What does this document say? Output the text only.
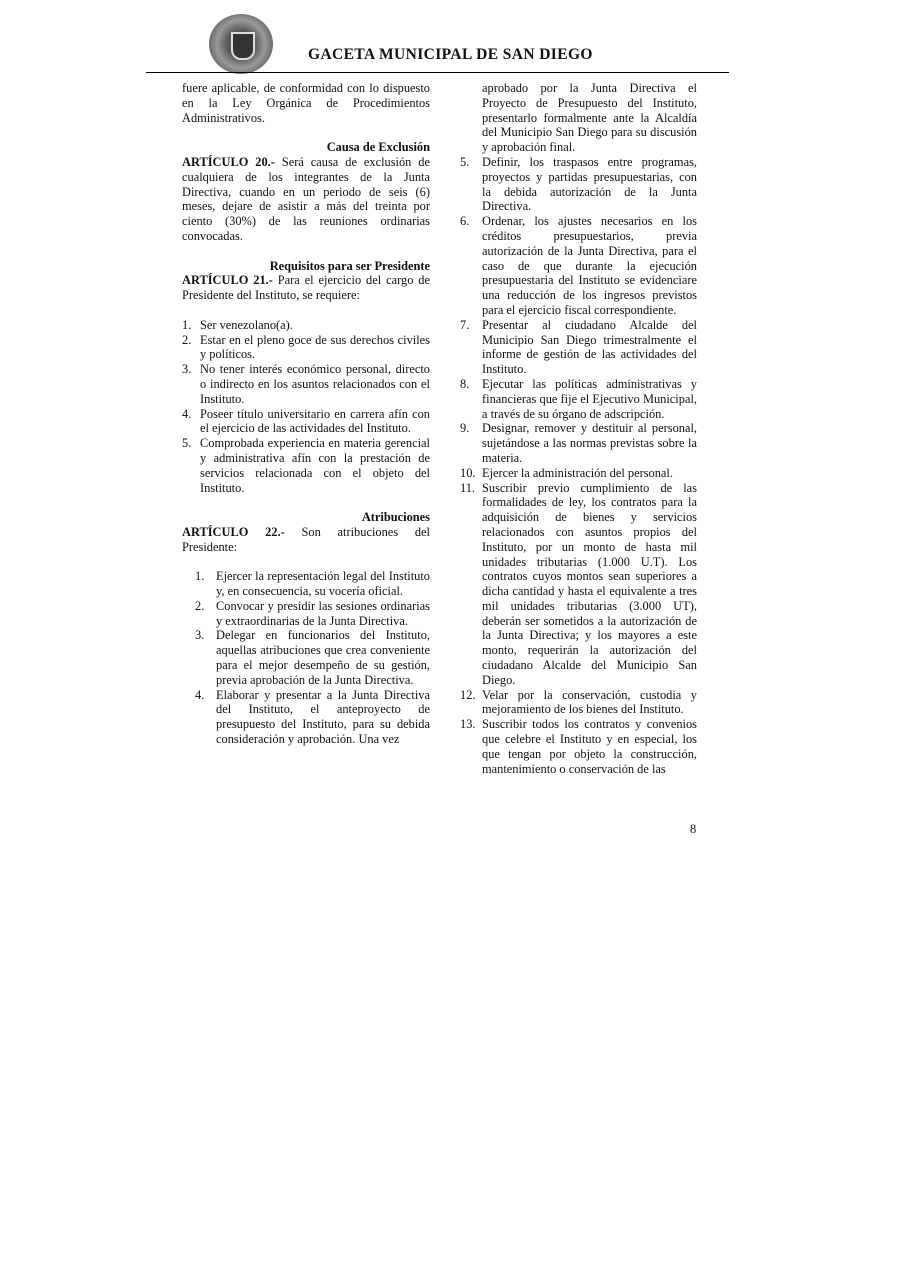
GACETA MUNICIPAL DE SAN DIEGO

fuere aplicable, de conformidad con lo dispuesto en la Ley Orgánica de Procedimientos Administrativos.

Causa de Exclusión

ARTÍCULO 20.- Será causa de exclusión de cualquiera de los integrantes de la Junta Directiva, cuando en un periodo de seis (6) meses, dejare de asistir a más del treinta por ciento (30%) de las reuniones ordinarias convocadas.

Requisitos para ser Presidente

ARTÍCULO 21.- Para el ejercicio del cargo de Presidente del Instituto, se requiere:

1. Ser venezolano(a).
2. Estar en el pleno goce de sus derechos civiles y políticos.
3. No tener interés económico personal, directo o indirecto en los asuntos relacionados con el Instituto.
4. Poseer título universitario en carrera afín con el ejercicio de las actividades del Instituto.
5. Comprobada experiencia en materia gerencial y administrativa afín con la prestación de servicios relacionada con el objeto del Instituto.

Atribuciones

ARTÍCULO 22.- Son atribuciones del Presidente:

1. Ejercer la representación legal del Instituto y, en consecuencia, su vocería oficial.
2. Convocar y presidir las sesiones ordinarias y extraordinarias de la Junta Directiva.
3. Delegar en funcionarios del Instituto, aquellas atribuciones que crea conveniente para el mejor desempeño de su gestión, previa aprobación de la Junta Directiva.
4. Elaborar y presentar a la Junta Directiva del Instituto, el anteproyecto de presupuesto del Instituto, para su debida consideración y aprobación. Una vez

aprobado por la Junta Directiva el Proyecto de Presupuesto del Instituto, presentarlo formalmente ante la Alcaldía del Municipio San Diego para su discusión y aprobación final.

5.	Definir, los traspasos entre programas, proyectos y partidas presupuestarias, con la debida autorización de la Junta Directiva.
6.	Ordenar, los ajustes necesarios en los créditos presupuestarios, previa autorización de la Junta Directiva, para el caso de que durante la ejecución presupuestaria del Instituto se evidenciare una reducción de los ingresos previstos para el ejercicio fiscal correspondiente.
7.	Presentar al ciudadano Alcalde del Municipio San Diego trimestralmente el informe de gestión de las actividades del Instituto.
8.	Ejecutar las políticas administrativas y financieras que fije el Ejecutivo Municipal, a través de su órgano de adscripción.
9.	Designar, remover y destituir al personal, sujetándose a las normas previstas sobre la materia.
10. Ejercer la administración del personal.
11. Suscribir previo cumplimiento de las formalidades de ley, los contratos para la adquisición de bienes y servicios relacionados con asuntos propios del Instituto, por un monto de hasta mil unidades tributarias (1.000 U.T). Los contratos cuyos montos sean superiores a dicha cantidad y hasta el equivalente a tres mil unidades tributarias (3.000 UT), deberán ser sometidos a la autorización de la Junta Directiva; y los mayores a este monto, requerirán la autorización del ciudadano Alcalde del Municipio San Diego.
12. Velar por la conservación, custodia y mejoramiento de los bienes del Instituto.
13. Suscribir todos los contratos y convenios que celebre el Instituto y en especial, los que tengan por objeto la construcción, mantenimiento o conservación de las
8
